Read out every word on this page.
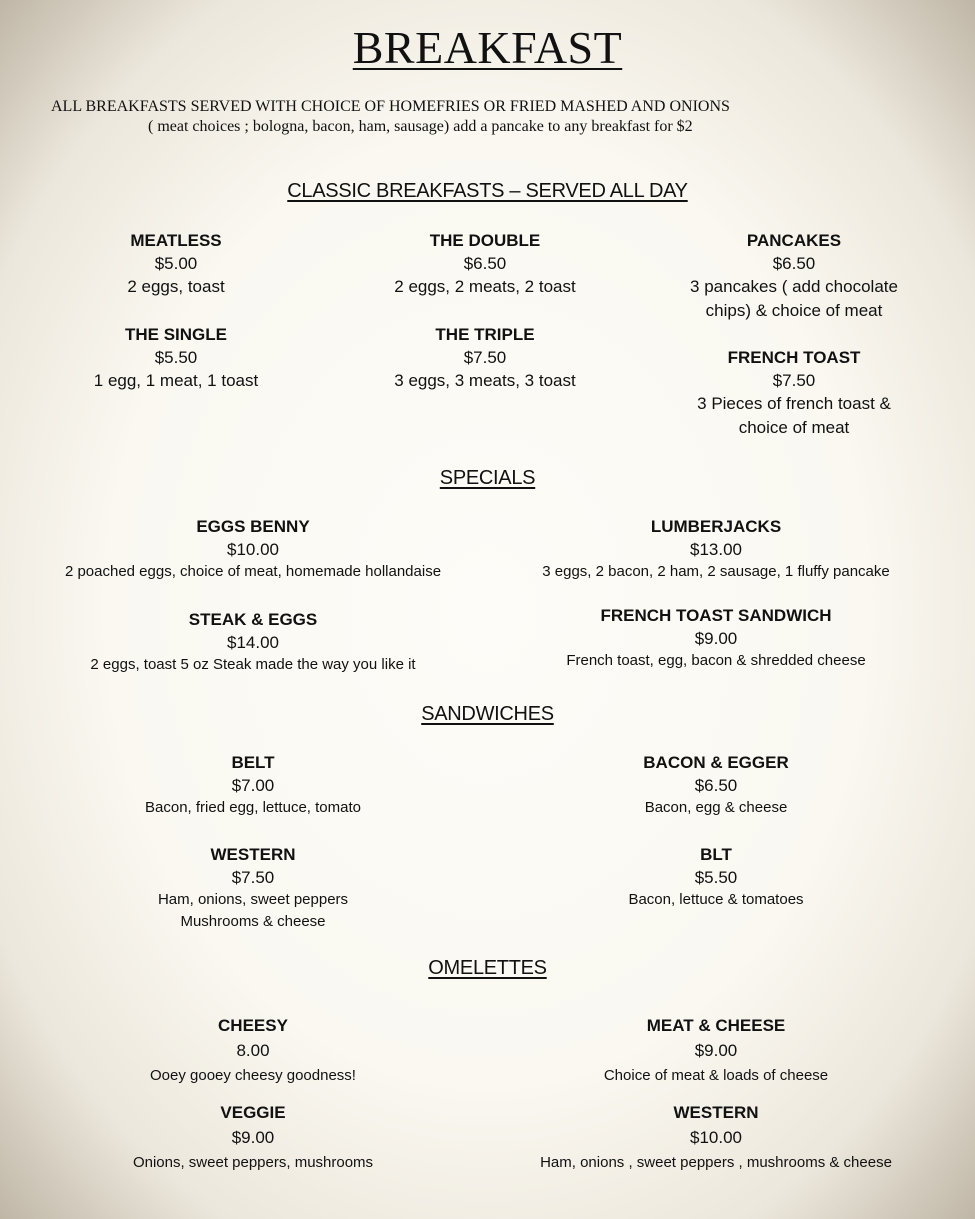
BREAKFAST
ALL BREAKFASTS SERVED WITH CHOICE OF HOMEFRIES OR FRIED MASHED AND ONIONS
( meat choices ; bologna, bacon, ham, sausage) add a pancake to any breakfast for $2
CLASSIC BREAKFASTS – SERVED ALL DAY
MEATLESS
$5.00
2 eggs, toast
THE DOUBLE
$6.50
2 eggs, 2 meats, 2 toast
PANCAKES
$6.50
3 pancakes ( add chocolate
chips) & choice of meat
THE SINGLE
$5.50
1 egg, 1 meat, 1 toast
THE TRIPLE
$7.50
3 eggs, 3 meats, 3 toast
FRENCH TOAST
$7.50
3 Pieces of french toast &
choice of meat
SPECIALS
EGGS BENNY
$10.00
2 poached eggs, choice of meat, homemade hollandaise
LUMBERJACKS
$13.00
3 eggs, 2 bacon, 2 ham, 2 sausage, 1 fluffy pancake
STEAK & EGGS
$14.00
2 eggs, toast 5 oz Steak made the way you like it
FRENCH TOAST SANDWICH
$9.00
French toast, egg, bacon & shredded cheese
SANDWICHES
BELT
$7.00
Bacon, fried egg, lettuce, tomato
BACON & EGGER
$6.50
Bacon, egg & cheese
WESTERN
$7.50
Ham, onions, sweet peppers
Mushrooms & cheese
BLT
$5.50
Bacon, lettuce & tomatoes
OMELETTES
CHEESY
8.00
Ooey gooey cheesy goodness!
MEAT & CHEESE
$9.00
Choice of meat & loads of cheese
VEGGIE
$9.00
Onions, sweet peppers, mushrooms
WESTERN
$10.00
Ham, onions , sweet peppers , mushrooms & cheese
